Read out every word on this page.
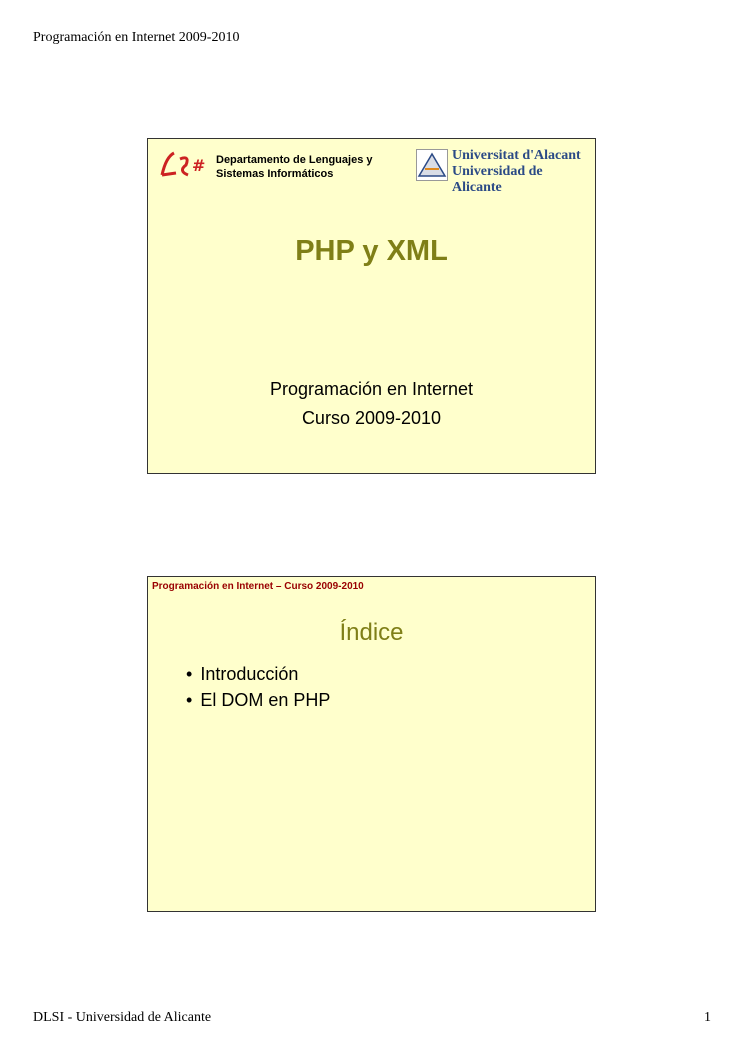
Programación en Internet 2009-2010
# Departamento de Lenguajes y
Sistemas Informáticos
Universitat d'Alacant
Universidad de Alicante
PHP y XML
Programación en Internet
Curso 2009-2010
Programación en Internet – Curso 2009-2010
Índice
• Introducción
• El DOM en PHP
DLSI - Universidad de Alicante	1
